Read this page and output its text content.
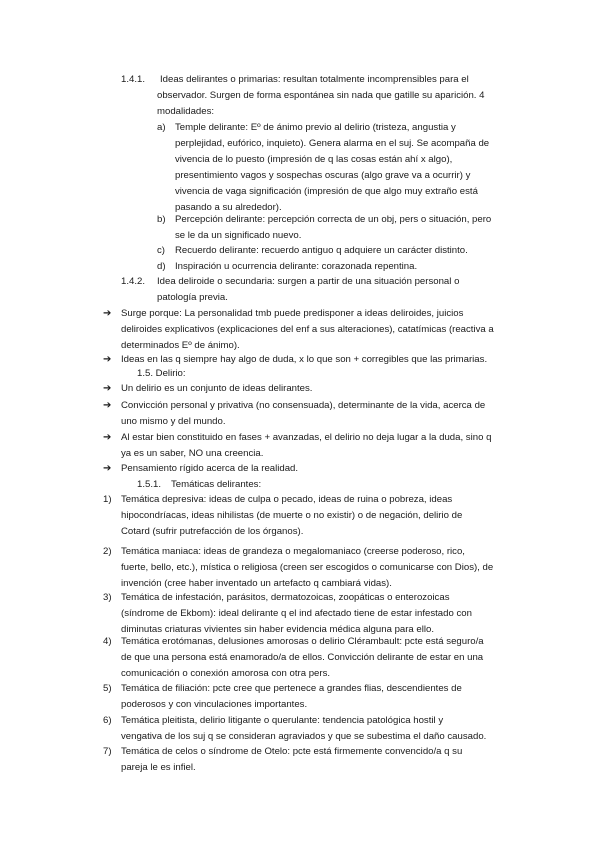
1.4.1. Ideas delirantes o primarias: resultan totalmente incomprensibles para el
observador. Surgen de forma espontánea sin nada que gatille su aparición. 4
modalidades:
a) Temple delirante: Eº de ánimo previo al delirio (tristeza, angustia y
perplejidad, eufórico, inquieto). Genera alarma en el suj. Se acompaña de
vivencia de lo puesto (impresión de q las cosas están ahí x algo),
presentimiento vagos y sospechas oscuras (algo grave va a ocurrir) y
vivencia de vaga significación (impresión de que algo muy extraño está
pasando a su alrededor).
b) Percepción delirante: percepción correcta de un obj, pers o situación, pero
se le da un significado nuevo.
c) Recuerdo delirante: recuerdo antiguo q adquiere un carácter distinto.
d) Inspiración u ocurrencia delirante: corazonada repentina.
1.4.2. Idea deliroide o secundaria: surgen a partir de una situación personal o
patología previa.
➔ Surge porque: La personalidad tmb puede predisponer a ideas deliroides, juicios
deliroides explicativos (explicaciones del enf a sus alteraciones), catatímicas (reactiva a
determinados Eº de ánimo).
➔ Ideas en las q siempre hay algo de duda, x lo que son + corregibles que las primarias.
1.5. Delirio:
➔ Un delirio es un conjunto de ideas delirantes.
➔ Convicción personal y privativa (no consensuada), determinante de la vida, acerca de
uno mismo y del mundo.
➔ Al estar bien constituido en fases + avanzadas, el delirio no deja lugar a la duda, sino q
ya es un saber, NO una creencia.
➔ Pensamiento rígido acerca de la realidad.
1.5.1. Temáticas delirantes:
1) Temática depresiva: ideas de culpa o pecado, ideas de ruina o pobreza, ideas
hipocondríacas, ideas nihilistas (de muerte o no existir) o de negación, delirio de
Cotard (sufrir putrefacción de los órganos).
2) Temática maniaca: ideas de grandeza o megalomaniaco (creerse poderoso, rico,
fuerte, bello, etc.), mística o religiosa (creen ser escogidos o comunicarse con Dios), de
invención (cree haber inventado un artefacto q cambiará vidas).
3) Temática de infestación, parásitos, dermatozoicas, zoopáticas o enterozoicas
(síndrome de Ekbom): ideal delirante q el ind afectado tiene de estar infestado con
diminutas criaturas vivientes sin haber evidencia médica alguna para ello.
4) Temática erotómanas, delusiones amorosas o delirio Clérambault: pcte está seguro/a
de que una persona está enamorado/a de ellos. Convicción delirante de estar en una
comunicación o conexión amorosa con otra pers.
5) Temática de filiación: pcte cree que pertenece a grandes flias, descendientes de
poderosos y con vinculaciones importantes.
6) Temática pleitista, delirio litigante o querulante: tendencia patológica hostil y
vengativa de los suj q se consideran agraviados y que se subestima el daño causado.
7) Temática de celos o síndrome de Otelo: pcte está firmemente convencido/a q su
pareja le es infiel.
